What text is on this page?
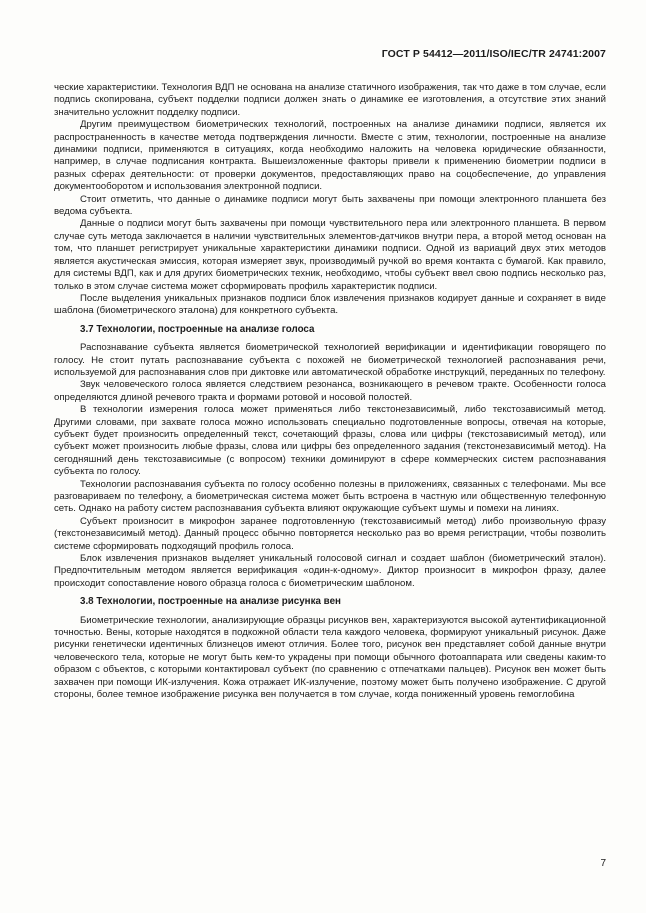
ГОСТ Р 54412—2011/ISO/IEC/TR 24741:2007

ческие характеристики. Технология ВДП не основана на анализе статичного изображения, так что даже в том случае, если подпись скопирована, субъект подделки подписи должен знать о динамике ее изготовления, а отсутствие этих знаний значительно усложнит подделку подписи.

Другим преимуществом биометрических технологий, построенных на анализе динамики подписи, является их распространенность в качестве метода подтверждения личности. Вместе с этим, технологии, построенные на анализе динамики подписи, применяются в ситуациях, когда необходимо наложить на человека юридические обязанности, например, в случае подписания контракта. Вышеизложенные факторы привели к применению биометрии подписи в разных сферах деятельности: от проверки документов, предоставляющих право на соцобеспечение, до управления документооборотом и использования электронной подписи.

Стоит отметить, что данные о динамике подписи могут быть захвачены при помощи электронного планшета без ведома субъекта.

Данные о подписи могут быть захвачены при помощи чувствительного пера или электронного планшета. В первом случае суть метода заключается в наличии чувствительных элементов-датчиков внутри пера, а второй метод основан на том, что планшет регистрирует уникальные характеристики динамики подписи. Одной из вариаций двух этих методов является акустическая эмиссия, которая измеряет звук, производимый ручкой во время контакта с бумагой. Как правило, для системы ВДП, как и для других биометрических техник, необходимо, чтобы субъект ввел свою подпись несколько раз, только в этом случае система может сформировать профиль характеристик подписи.

После выделения уникальных признаков подписи блок извлечения признаков кодирует данные и сохраняет в виде шаблона (биометрического эталона) для конкретного субъекта.

3.7 Технологии, построенные на анализе голоса

Распознавание субъекта является биометрической технологией верификации и идентификации говорящего по голосу. Не стоит путать распознавание субъекта с похожей не биометрической технологией распознавания речи, используемой для распознавания слов при диктовке или автоматической обработке инструкций, переданных по телефону.

Звук человеческого голоса является следствием резонанса, возникающего в речевом тракте. Особенности голоса определяются длиной речевого тракта и формами ротовой и носовой полостей.

В технологии измерения голоса может применяться либо текстонезависимый, либо текстозависимый метод. Другими словами, при захвате голоса можно использовать специально подготовленные вопросы, отвечая на которые, субъект будет произносить определенный текст, сочетающий фразы, слова или цифры (текстозависимый метод), или субъект может произносить любые фразы, слова или цифры без определенного задания (текстонезависимый метод). На сегодняшний день текстозависимые (с вопросом) техники доминируют в сфере коммерческих систем распознавания субъекта по голосу.

Технологии распознавания субъекта по голосу особенно полезны в приложениях, связанных с телефонами. Мы все разговариваем по телефону, а биометрическая система может быть встроена в частную или общественную телефонную сеть. Однако на работу систем распознавания субъекта влияют окружающие субъект шумы и помехи на линиях.

Субъект произносит в микрофон заранее подготовленную (текстозависимый метод) либо произвольную фразу (текстонезависимый метод). Данный процесс обычно повторяется несколько раз во время регистрации, чтобы позволить системе сформировать подходящий профиль голоса.

Блок извлечения признаков выделяет уникальный голосовой сигнал и создает шаблон (биометрический эталон). Предпочтительным методом является верификация «один-к-одному». Диктор произносит в микрофон фразу, далее происходит сопоставление нового образца голоса с биометрическим шаблоном.

3.8 Технологии, построенные на анализе рисунка вен

Биометрические технологии, анализирующие образцы рисунков вен, характеризуются высокой аутентификационной точностью. Вены, которые находятся в подкожной области тела каждого человека, формируют уникальный рисунок. Даже рисунки генетически идентичных близнецов имеют отличия. Более того, рисунок вен представляет собой данные внутри человеческого тела, которые не могут быть кем-то украдены при помощи обычного фотоаппарата или сведены каким-то образом с объектов, с которыми контактировал субъект (по сравнению с отпечатками пальцев). Рисунок вен может быть захвачен при помощи ИК-излучения. Кожа отражает ИК-излучение, поэтому может быть получено изображение. С другой стороны, более темное изображение рисунка вен получается в том случае, когда пониженный уровень гемоглобина

7
